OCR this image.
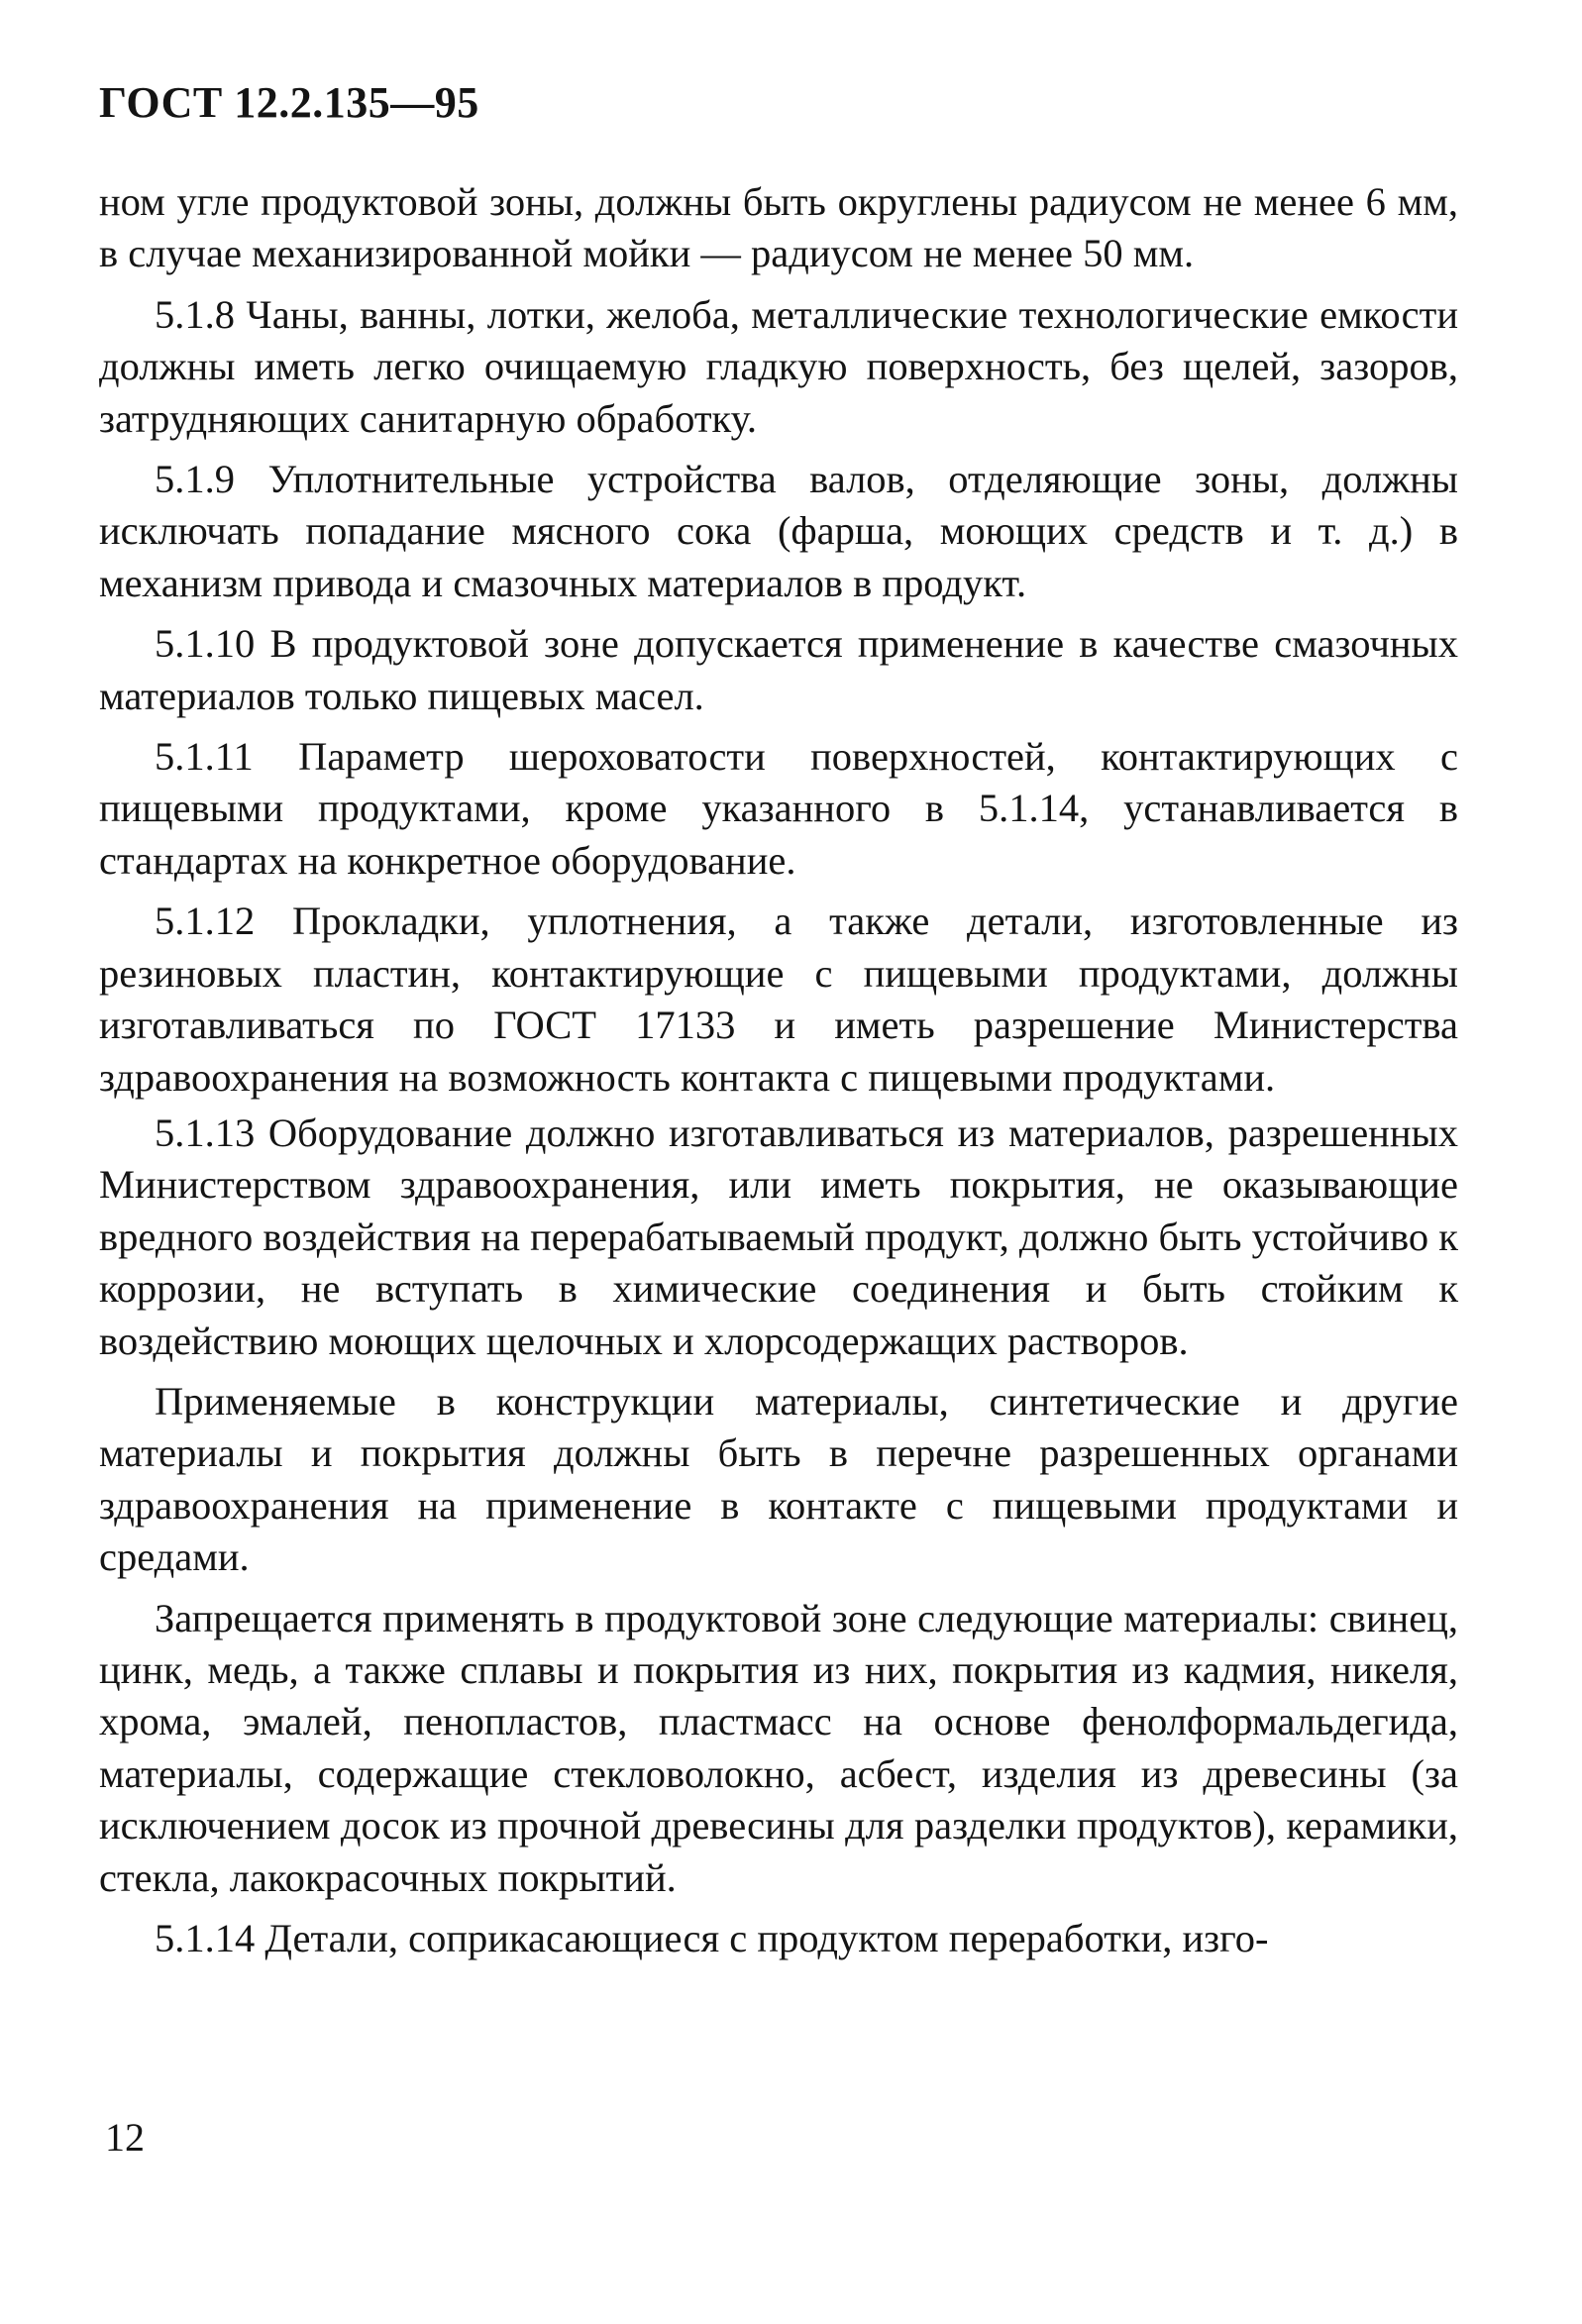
ГОСТ 12.2.135—95

ном угле продуктовой зоны, должны быть округлены радиусом не менее 6 мм, в случае механизированной мойки — радиусом не менее 50 мм.

5.1.8 Чаны, ванны, лотки, желоба, металлические технологические емкости должны иметь легко очищаемую гладкую поверхность, без щелей, зазоров, затрудняющих санитарную обработку.

5.1.9 Уплотнительные устройства валов, отделяющие зоны, должны исключать попадание мясного сока (фарша, моющих средств и т. д.) в механизм привода и смазочных материалов в продукт.

5.1.10 В продуктовой зоне допускается применение в качестве смазочных материалов только пищевых масел.

5.1.11 Параметр шероховатости поверхностей, контактирующих с пищевыми продуктами, кроме указанного в 5.1.14, устанавливается в стандартах на конкретное оборудование.

5.1.12 Прокладки, уплотнения, а также детали, изготовленные из резиновых пластин, контактирующие с пищевыми продуктами, должны изготавливаться по ГОСТ 17133 и иметь разрешение Министерства здравоохранения на возможность контакта с пищевыми продуктами.

5.1.13 Оборудование должно изготавливаться из материалов, разрешенных Министерством здравоохранения, или иметь покрытия, не оказывающие вредного воздействия на перерабатываемый продукт, должно быть устойчиво к коррозии, не вступать в химические соединения и быть стойким к воздействию моющих щелочных и хлорсодержащих растворов.

Применяемые в конструкции материалы, синтетические и другие материалы и покрытия должны быть в перечне разрешенных органами здравоохранения на применение в контакте с пищевыми продуктами и средами.

Запрещается применять в продуктовой зоне следующие материалы: свинец, цинк, медь, а также сплавы и покрытия из них, покрытия из кадмия, никеля, хрома, эмалей, пенопластов, пластмасс на основе фенолформальдегида, материалы, содержащие стекловолокно, асбест, изделия из древесины (за исключением досок из прочной древесины для разделки продуктов), керамики, стекла, лакокрасочных покрытий.

5.1.14 Детали, соприкасающиеся с продуктом переработки, изго-

12
